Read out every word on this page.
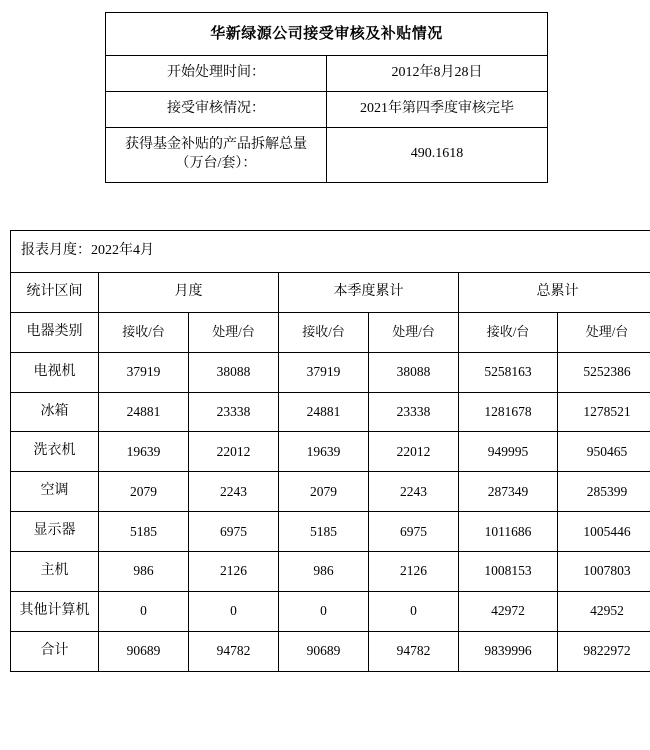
华新绿源公司接受审核及补贴情况	
开始处理时间：	2012年8月28日
接受审核情况：	2021年第四季度审核完毕
获得基金补贴的产品拆解总量（万台/套）：	490.1618
报表月度：2022年4月						
统计区间	月度		本季度累计		总累计	
电器类别	接收/台	处理/台	接收/台	处理/台	接收/台	处理/台
电视机	37919	38088	37919	38088	5258163	5252386
冰箱	24881	23338	24881	23338	1281678	1278521
洗衣机	19639	22012	19639	22012	949995	950465
空调	2079	2243	2079	2243	287349	285399
显示器	5185	6975	5185	6975	1011686	1005446
主机	986	2126	986	2126	1008153	1007803
其他计算机	0	0	0	0	42972	42952
合计	90689	94782	90689	94782	9839996	9822972
